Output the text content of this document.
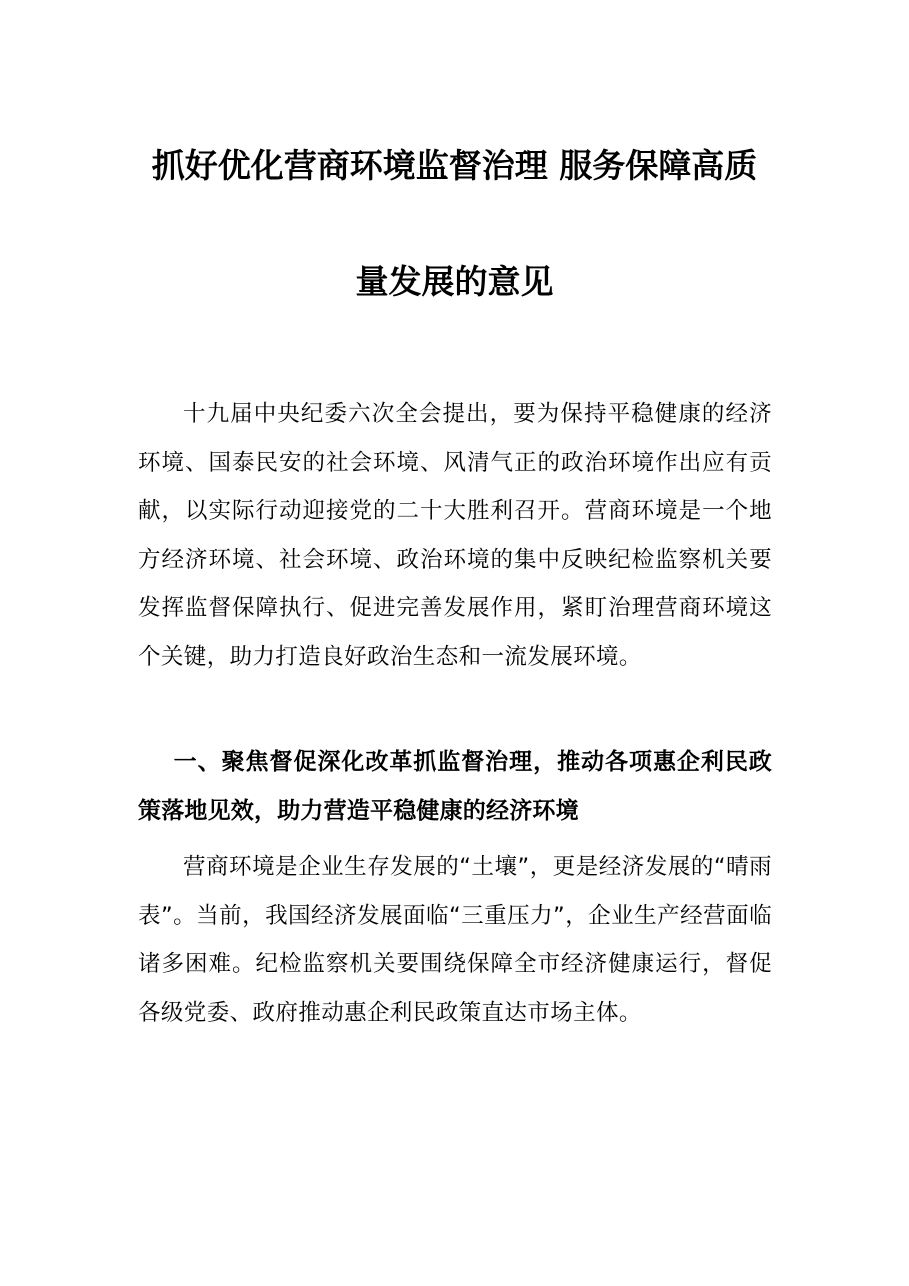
抓好优化营商环境监督治理 服务保障高质
量发展的意见

十九届中央纪委六次全会提出，要为保持平稳健康的经济环境、国泰民安的社会环境、风清气正的政治环境作出应有贡献，以实际行动迎接党的二十大胜利召开。营商环境是一个地方经济环境、社会环境、政治环境的集中反映纪检监察机关要发挥监督保障执行、促进完善发展作用，紧盯治理营商环境这个关键，助力打造良好政治生态和一流发展环境。

一、聚焦督促深化改革抓监督治理，推动各项惠企利民政策落地见效，助力营造平稳健康的经济环境

营商环境是企业生存发展的“土壤”，更是经济发展的“晴雨表”。当前，我国经济发展面临“三重压力”，企业生产经营面临诸多困难。纪检监察机关要围绕保障全市经济健康运行，督促各级党委、政府推动惠企利民政策直达市场主体。
